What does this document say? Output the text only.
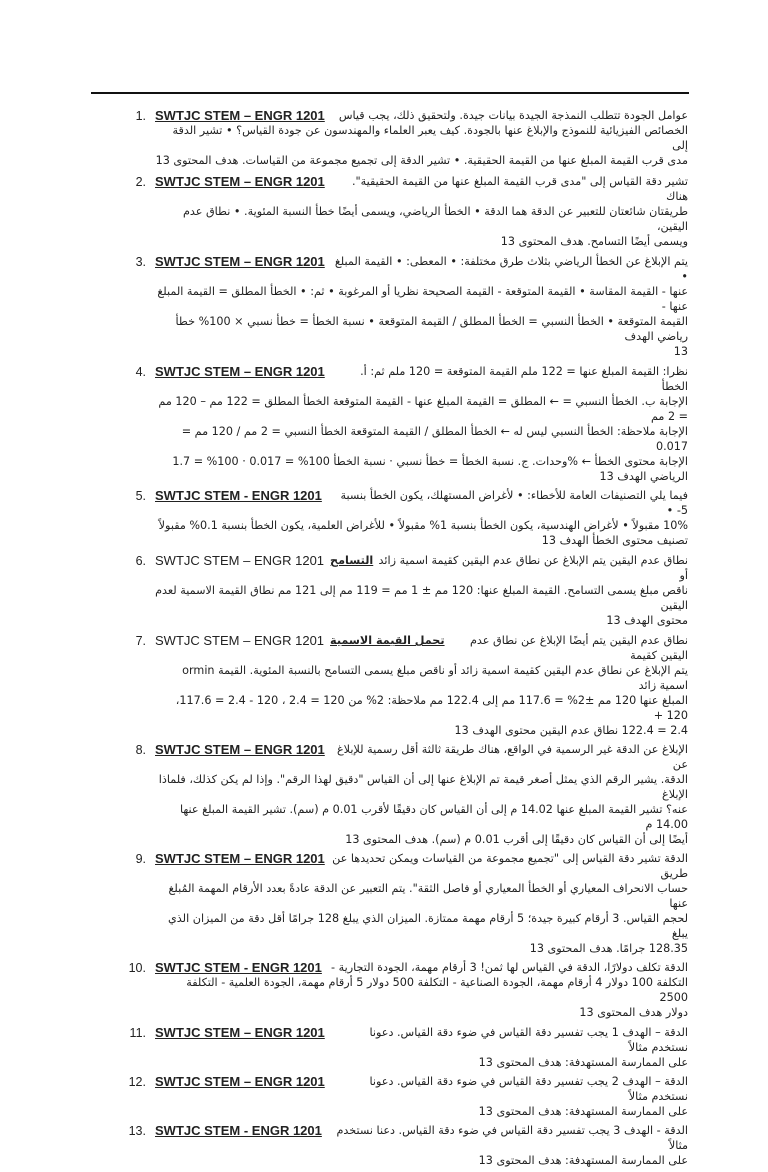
1. SWTJC STEM – ENGR 1201 عوامل الجودة تتطلب النمذجة الجيدة بيانات جيدة. ولتحقيق ذلك، يجب قياس
الخصائص الفيزيائية للنموذج والإبلاغ عنها بالجودة. كيف يعبر العلماء والمهندسون عن جودة القياس؟ • تشير الدقة إلى
مدى قرب القيمة المبلغ عنها من القيمة الحقيقية. • تشير الدقة إلى تجميع مجموعة من القياسات. هدف المحتوى 13
2. SWTJC STEM – ENGR 1201 تشير دقة القياس إلى "مدى قرب القيمة المبلغ عنها من القيمة الحقيقية". هناك
طريقتان شائعتان للتعبير عن الدقة هما الدقة • الخطأ الرياضي، ويسمى أيضًا خطأ النسبة المئوية. • نطاق عدم اليقين،
ويسمى أيضًا التسامح. هدف المحتوى 13
3. SWTJC STEM – ENGR 1201 يتم الإبلاغ عن الخطأ الرياضي بثلاث طرق مختلفة: • المعطى: • القيمة المبلغ •
عنها - القيمة المقاسة • القيمة المتوقعة - القيمة الصحيحة نظريا أو المرغوبة • ثم: • الخطأ المطلق = القيمة المبلغ عنها -
القيمة المتوقعة • الخطأ النسبي = الخطأ المطلق / القيمة المتوقعة • نسبة الخطأ = خطأ نسبي × 100% خطأ رياضي الهدف
13
4. SWTJC STEM – ENGR 1201	نظرا: القيمة المبلغ عنها = 122 ملم القيمة المتوقعة = 120 ملم ثم: أ. الخطأ
الإجابة ب. الخطأ النسبي = ← المطلق = القيمة المبلغ عنها - القيمة المتوقعة الخطأ المطلق = 122 مم – 120 مم = 2 مم
الإجابة ملاحظة: الخطأ النسبي ليس له ← الخطأ المطلق / القيمة المتوقعة الخطأ النسبي = 2 مم / 120 مم = 0.017
الإجابة محتوى الخطأ ← %وحدات. ج. نسبة الخطأ = خطأ نسبي · نسبة الخطأ 100% = 0.017 · 100% = 1.7
الرياضي الهدف 13
5. SWTJC STEM - ENGR 1201 فيما يلي التصنيفات العامة للأخطاء: • لأغراض المستهلك، يكون الخطأ بنسبة 5- •
10% مقبولاً • لأغراض الهندسية، يكون الخطأ بنسبة 1% مقبولاً • للأغراض العلمية، يكون الخطأ بنسبة 0.1% مقبولاً
تصنيف محتوى الخطأ الهدف 13
6. SWTJC STEM – ENGR 1201 التسامح نطاق عدم اليقين يتم الإبلاغ عن نطاق عدم اليقين كقيمة اسمية زائد أو
ناقص مبلغ يسمى التسامح. القيمة المبلغ عنها: 120 مم ± 1 مم = 119 مم إلى 121 مم نطاق القيمة الاسمية لعدم اليقين
محتوى الهدف 13
7. SWTJC STEM – ENGR 1201 تحمل القيمة الاسمية نطاق عدم اليقين يتم أيضًا الإبلاغ عن نطاق عدم اليقين كقيمة
يتم الإبلاغ عن نطاق عدم اليقين كقيمة اسمية زائد أو ناقص مبلغ يسمى التسامح بالنسبة المئوية. القيمة ormin اسمية زائد
المبلغ عنها 120 مم ±2% = 117.6 مم إلى 122.4 مم ملاحظة: 2% من 120 = 2.4 ، 120 - 2.4 = 117.6، 120 +
2.4 = 122.4 نطاق عدم اليقين محتوى الهدف 13
8. SWTJC STEM – ENGR 1201 الإبلاغ عن الدقة غير الرسمية في الواقع، هناك طريقة ثالثة أقل رسمية للإبلاغ عن
الدقة. يشير الرقم الذي يمثل أصغر قيمة تم الإبلاغ عنها إلى أن القياس "دقيق لهذا الرقم". وإذا لم يكن كذلك، فلماذا الإبلاغ
عنه؟ تشير القيمة المبلغ عنها 14.02 م إلى أن القياس كان دقيقًا لأقرب 0.01 م (سم). تشير القيمة المبلغ عنها 14.00 م
أيضًا إلى أن القياس كان دقيقًا إلى أقرب 0.01 م (سم). هدف المحتوى 13
9. SWTJC STEM – ENGR 1201 الدقة تشير دقة القياس إلى "تجميع مجموعة من القياسات ويمكن تحديدها عن طريق
حساب الانحراف المعياري أو الخطأ المعياري أو فاصل الثقة". يتم التعبير عن الدقة عادةً بعدد الأرقام المهمة المُبلغ عنها
لحجم القياس. 3 أرقام كبيرة جيدة؛ 5 أرقام مهمة ممتازة. الميزان الذي يبلغ 128 جرامًا أقل دقة من الميزان الذي يبلغ
128.35 جرامًا. هدف المحتوى 13
10. SWTJC STEM - ENGR 1201 الدقة تكلف دولارًا، الدقة في القياس لها ثمن! 3 أرقام مهمة، الجودة التجارية -
التكلفة 100 دولار 4 أرقام مهمة، الجودة الصناعية - التكلفة 500 دولار 5 أرقام مهمة، الجودة العلمية - التكلفة 2500
دولار هدف المحتوى 13
11. SWTJC STEM – ENGR 1201	الدقة – الهدف 1 يجب تفسير دقة القياس في ضوء دقة القياس. دعونا نستخدم مثالاً
على الممارسة المستهدفة: هدف المحتوى 13
12. SWTJC STEM – ENGR 1201	الدقة – الهدف 2 يجب تفسير دقة القياس في ضوء دقة القياس. دعونا نستخدم مثالاً
على الممارسة المستهدفة: هدف المحتوى 13
13. SWTJC STEM - ENGR 1201 الدقة - الهدف 3 يجب تفسير دقة القياس في ضوء دقة القياس. دعنا نستخدم مثالاً
على الممارسة المستهدفة: هدف المحتوى 13
